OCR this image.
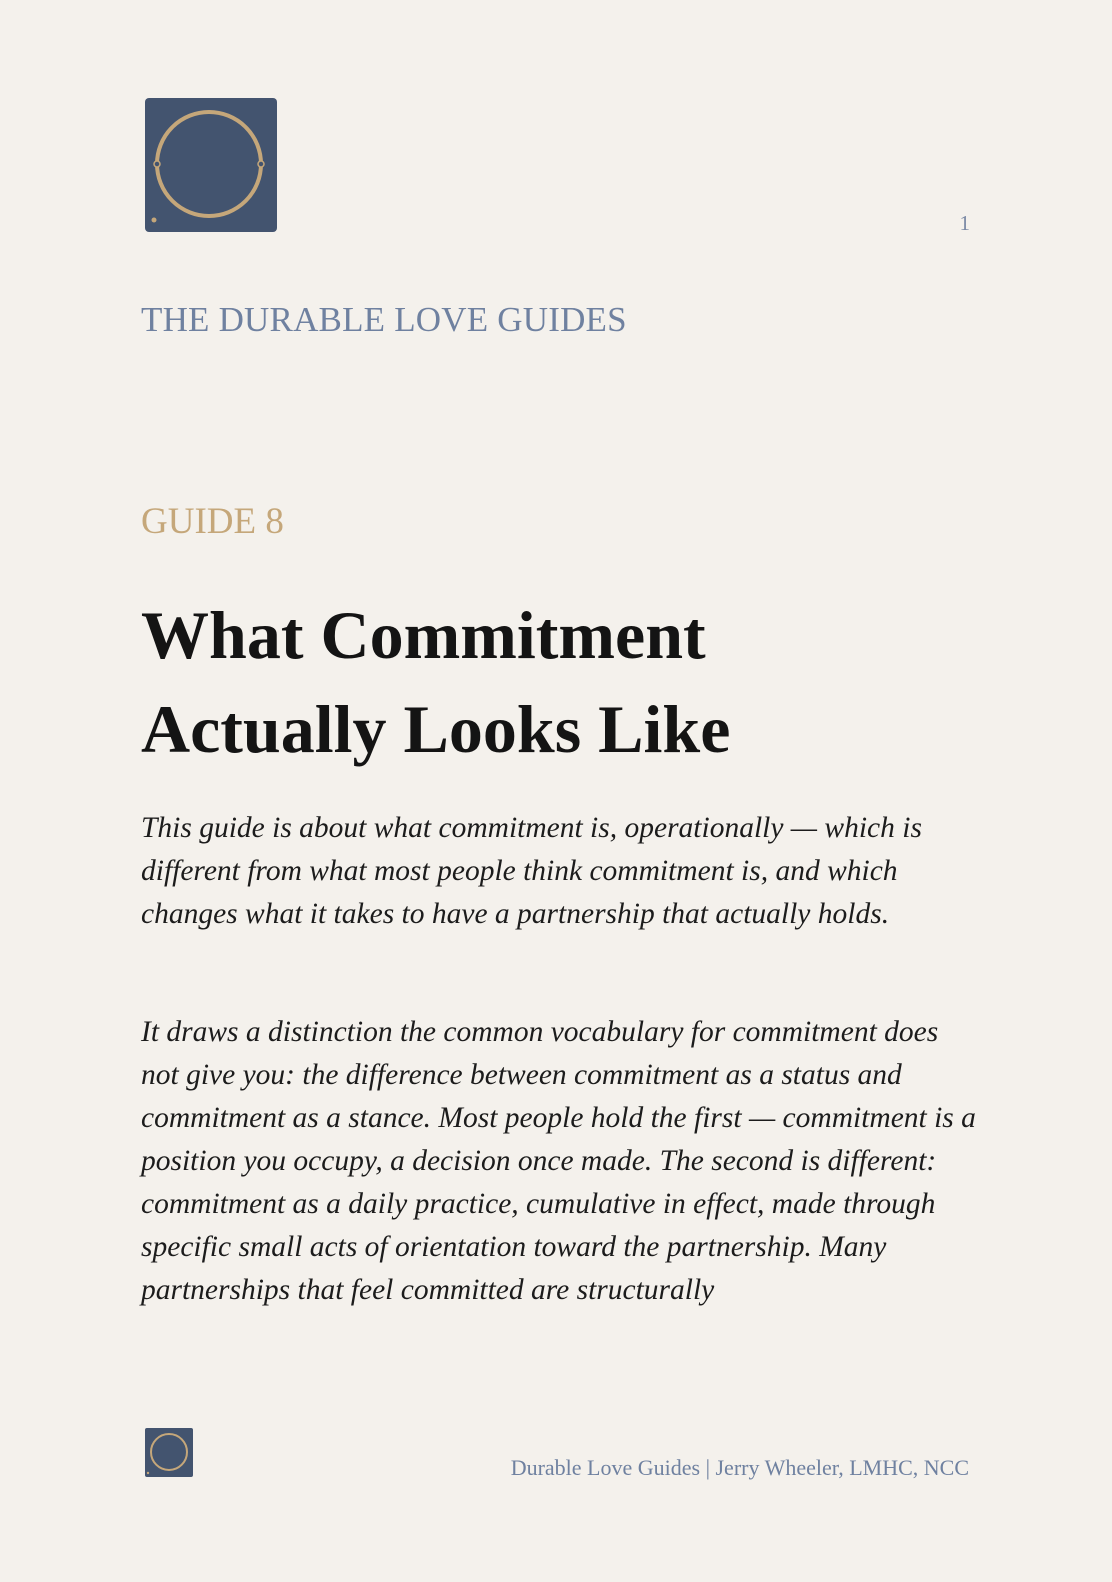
1
THE DURABLE LOVE GUIDES
GUIDE 8
What Commitment
Actually Looks Like

This guide is about what commitment is, operationally — which is different from what most people think commitment is, and which changes what it takes to have a partnership that actually holds.

It draws a distinction the common vocabulary for commitment does not give you: the difference between commitment as a status and commitment as a stance. Most people hold the first — commitment is a position you occupy, a decision once made. The second is different: commitment as a daily practice, cumulative in effect, made through specific small acts of orientation toward the partnership. Many partnerships that feel committed are structurally

Durable Love Guides | Jerry Wheeler, LMHC, NCC
